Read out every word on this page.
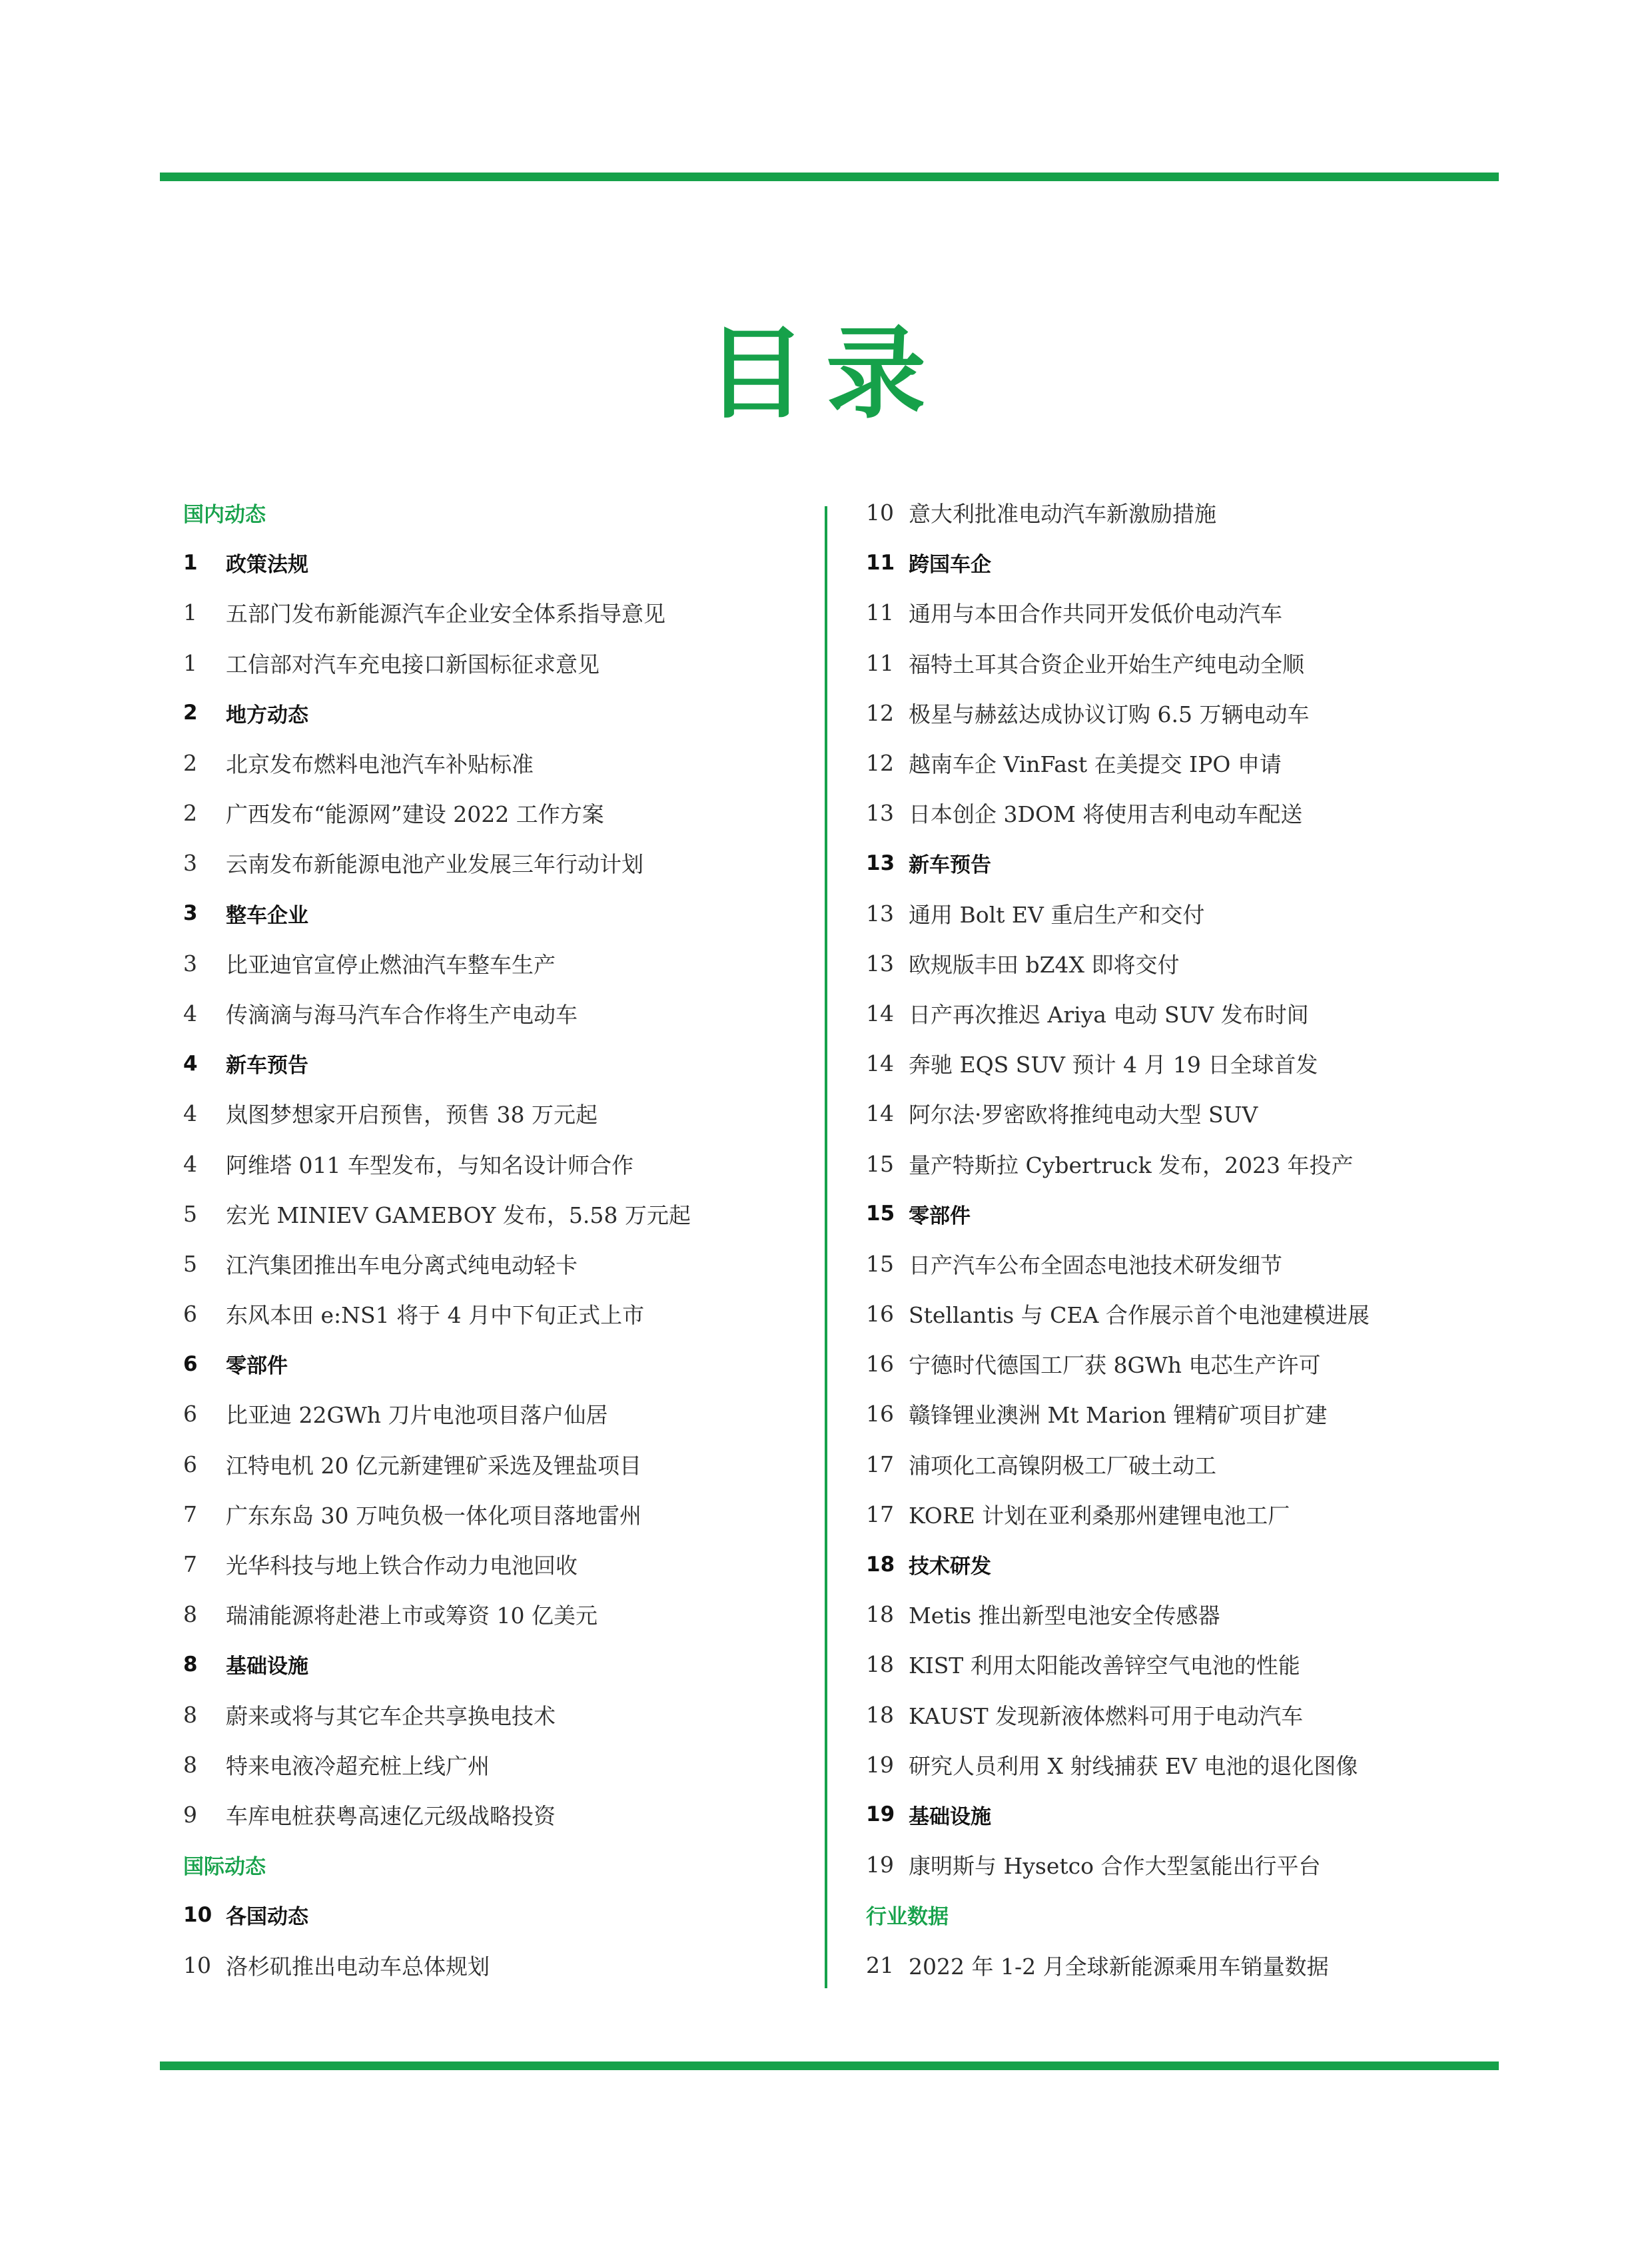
目录
国内动态
1	政策法规
1	五部门发布新能源汽车企业安全体系指导意见
1	工信部对汽车充电接口新国标征求意见
2	地方动态
2	北京发布燃料电池汽车补贴标准
2	广西发布“能源网”建设 2022 工作方案
3	云南发布新能源电池产业发展三年行动计划
3	整车企业
3	比亚迪官宣停止燃油汽车整车生产
4	传滴滴与海马汽车合作将生产电动车
4	新车预告
4	岚图梦想家开启预售，预售 38 万元起
4	阿维塔 011 车型发布，与知名设计师合作
5	宏光 MINIEV GAMEBOY 发布，5.58 万元起
5	江汽集团推出车电分离式纯电动轻卡
6	东风本田 e:NS1 将于 4 月中下旬正式上市
6	零部件
6	比亚迪 22GWh 刀片电池项目落户仙居
6	江特电机 20 亿元新建锂矿采选及锂盐项目
7	广东东岛 30 万吨负极一体化项目落地雷州
7	光华科技与地上铁合作动力电池回收
8	瑞浦能源将赴港上市或筹资 10 亿美元
8	基础设施
8	蔚来或将与其它车企共享换电技术
8	特来电液冷超充桩上线广州
9	车库电桩获粤高速亿元级战略投资
国际动态
10 各国动态
10 洛杉矶推出电动车总体规划
10 意大利批准电动汽车新激励措施
11 跨国车企
11 通用与本田合作共同开发低价电动汽车
11 福特土耳其合资企业开始生产纯电动全顺
12 极星与赫兹达成协议订购 6.5 万辆电动车
12 越南车企 VinFast 在美提交 IPO 申请
13 日本创企 3DOM 将使用吉利电动车配送
13 新车预告
13 通用 Bolt EV 重启生产和交付
13 欧规版丰田 bZ4X 即将交付
14 日产再次推迟 Ariya 电动 SUV 发布时间
14 奔驰 EQS SUV 预计 4 月 19 日全球首发
14 阿尔法·罗密欧将推纯电动大型 SUV
15 量产特斯拉 Cybertruck 发布，2023 年投产
15 零部件
15 日产汽车公布全固态电池技术研发细节
16 Stellantis 与 CEA 合作展示首个电池建模进展
16 宁德时代德国工厂获 8GWh 电芯生产许可
16 赣锋锂业澳洲 Mt Marion 锂精矿项目扩建
17 浦项化工高镍阴极工厂破土动工
17 KORE 计划在亚利桑那州建锂电池工厂
18 技术研发
18 Metis 推出新型电池安全传感器
18 KIST 利用太阳能改善锌空气电池的性能
18 KAUST 发现新液体燃料可用于电动汽车
19 研究人员利用 X 射线捕获 EV 电池的退化图像
19 基础设施
19 康明斯与 Hysetco 合作大型氢能出行平台
行业数据
21 2022 年 1-2 月全球新能源乘用车销量数据
